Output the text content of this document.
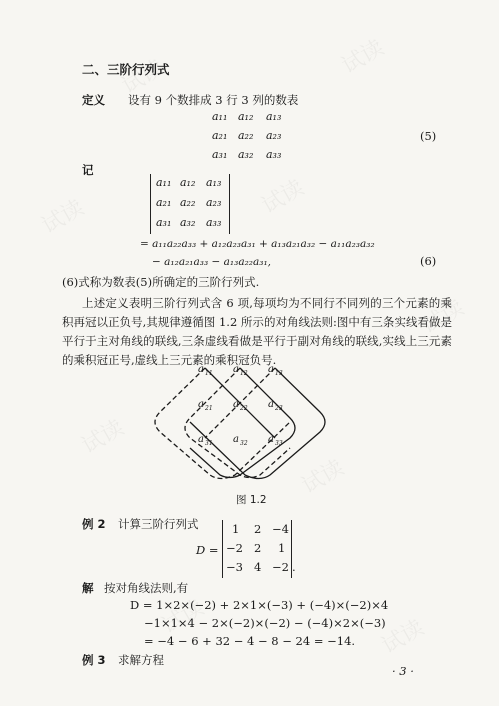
二、三阶行列式
定义 设有 9 个数排成 3 行 3 列的数表
a₁₁ a₁₂ a₁₃
a₂₁ a₂₂ a₂₃
a₃₁ a₃₂ a₃₃
(5)
记
a₁₁ a₁₂ a₁₃
a₂₁ a₂₂ a₂₃
a₃₁ a₃₂ a₃₃
= a₁₁a₂₂a₃₃ + a₁₂a₂₃a₃₁ + a₁₃a₂₁a₃₂ − a₁₁a₂₃a₃₂
− a₁₂a₂₁a₃₃ − a₁₃a₂₂a₃₁,	(6)
(6)式称为数表(5)所确定的三阶行列式.
上述定义表明三阶行列式含 6 项,每项均为不同行不同列的三个元素的乘积再冠以正负号,其规律遵循图 1.2 所示的对角线法则:图中有三条实线看做是平行于主对角线的联线,三条虚线看做是平行于副对角线的联线,实线上三元素的乘积冠正号,虚线上三元素的乘积冠负号.
a 11 a 12 a 13
a 21 a 22 a 23
a 31 a 32 a 33
图 1.2
例 2 计算三阶行列式
D =
1 2 −4
−2 2 1
−3 4 −2 .
解 按对角线法则,有
D = 1×2×(−2) + 2×1×(−3) + (−4)×(−2)×4
−1×1×4 − 2×(−2)×(−2) − (−4)×2×(−3)
= −4 − 6 + 32 − 4 − 8 − 24 = −14.
例 3 求解方程
· 3 ·
